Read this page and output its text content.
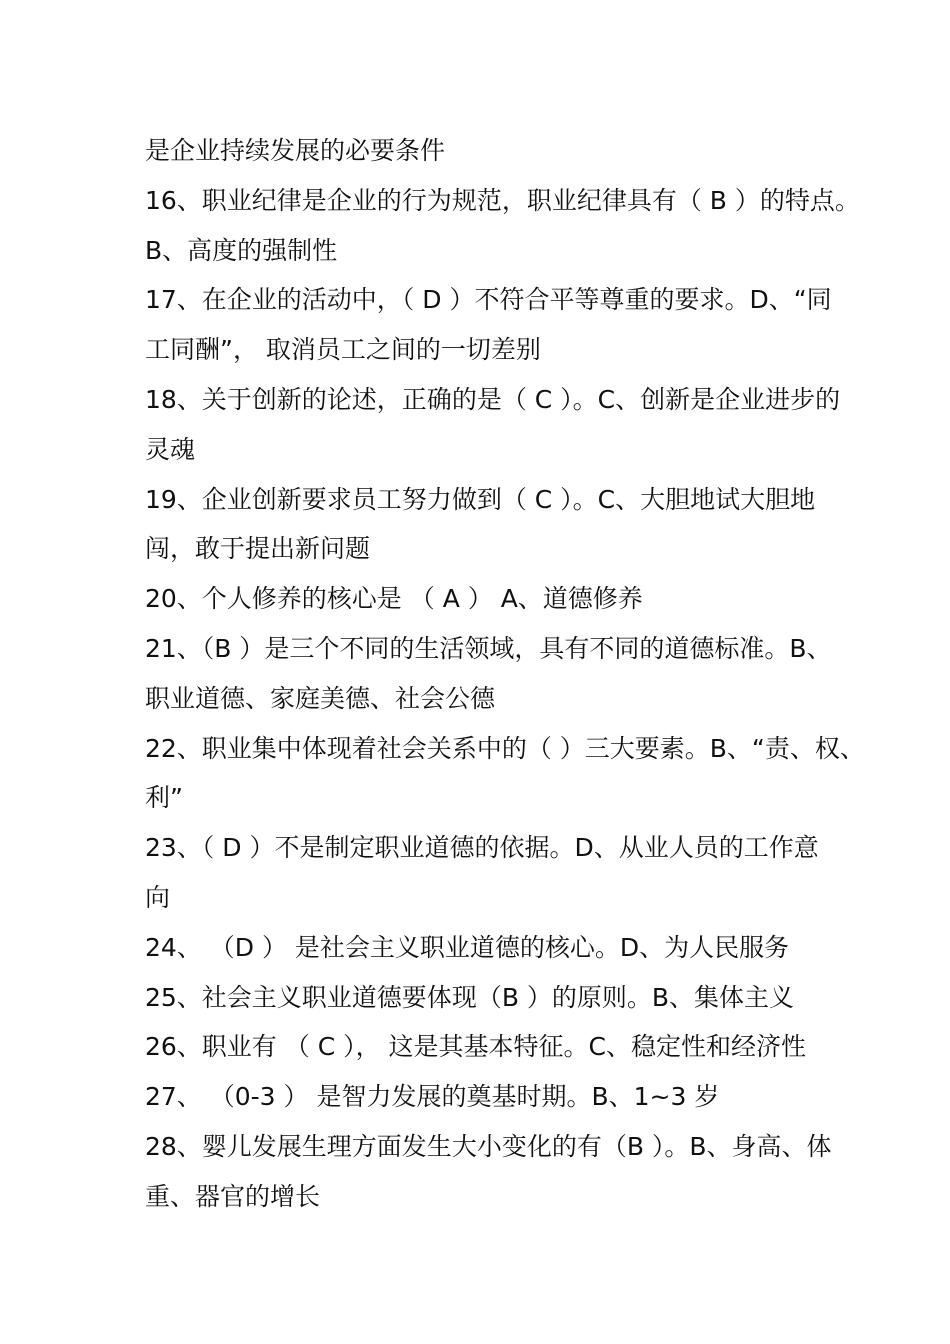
是企业持续发展的必要条件
16、职业纪律是企业的行为规范，职业纪律具有（ B ）的特点。
B、高度的强制性
17、在企业的活动中，（ D ）不符合平等尊重的要求。D、“同
工同酬”， 取消员工之间的一切差别
18、关于创新的论述，正确的是（ C ）。C、创新是企业进步的
灵魂
19、企业创新要求员工努力做到（ C ）。C、大胆地试大胆地
闯，敢于提出新问题
20、个人修养的核心是 （ A ） A、道德修养
21、（B ）是三个不同的生活领域，具有不同的道德标准。B、
职业道德、家庭美德、社会公德
22、职业集中体现着社会关系中的（ ）三大要素。B、“责、权、
利”
23、（ D ）不是制定职业道德的依据。D、从业人员的工作意
向
24、 （D ） 是社会主义职业道德的核心。D、为人民服务
25、社会主义职业道德要体现（B ）的原则。B、集体主义
26、职业有 （ C ）， 这是其基本特征。C、稳定性和经济性
27、 （0-3 ） 是智力发展的奠基时期。B、1~3 岁
28、婴儿发展生理方面发生大小变化的有（B ）。B、身高、体
重、器官的增长
